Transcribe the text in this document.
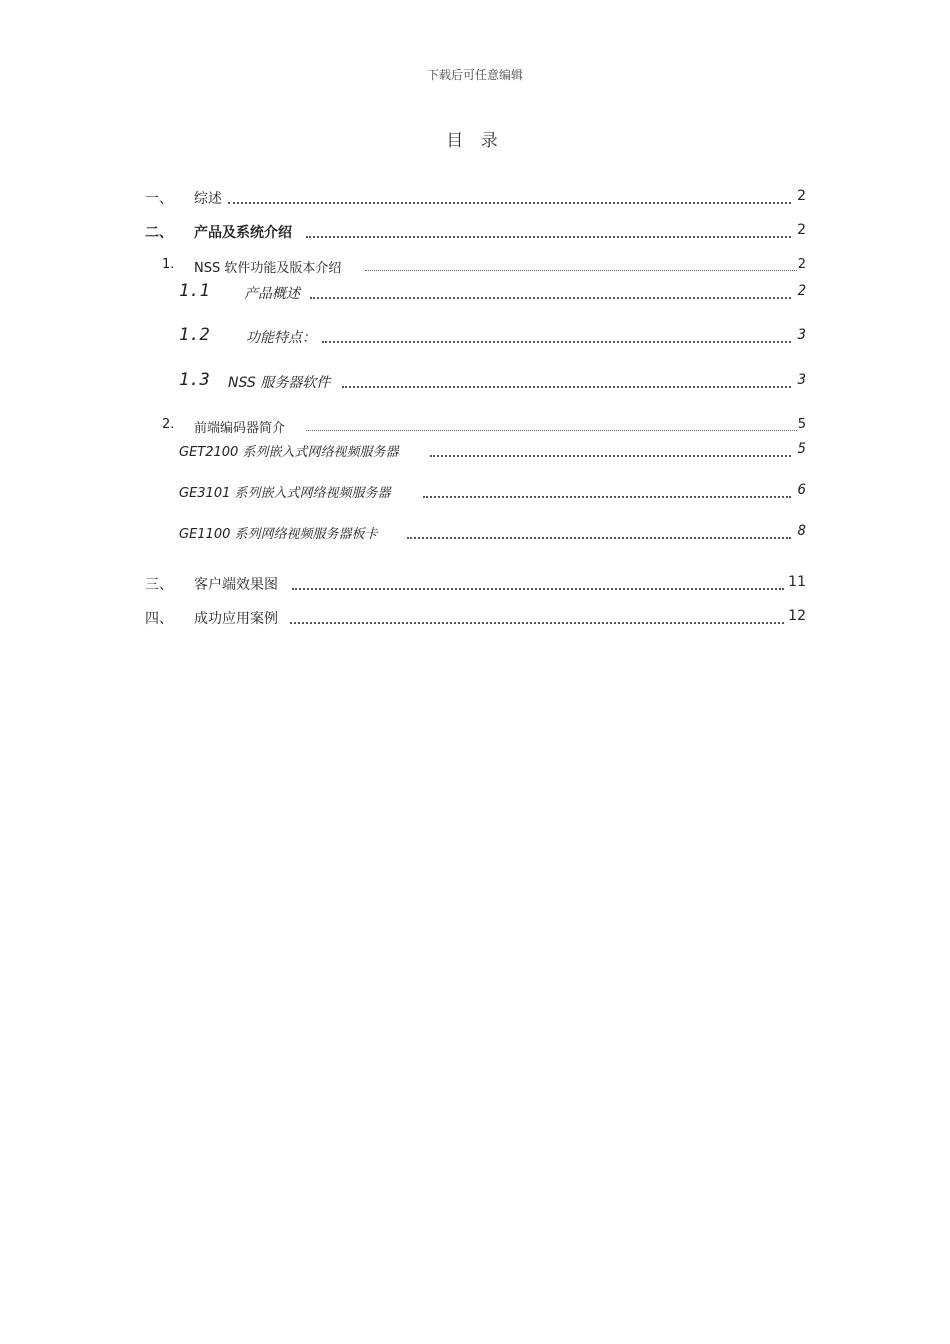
下载后可任意编辑
目 录
一、 综述	2
二、 产品及系统介绍	2
1. NSS 软件功能及版本介绍	2
1.1 产品概述	2
1.2	功能特点：	3
1.3 NSS 服务器软件	3
2. 前端编码器简介	5
GET2100 系列嵌入式网络视频服务器	5
GE3101 系列嵌入式网络视频服务器	6
GE1100 系列网络视频服务器板卡	8
三、 客户端效果图	11
四、 成功应用案例	12
